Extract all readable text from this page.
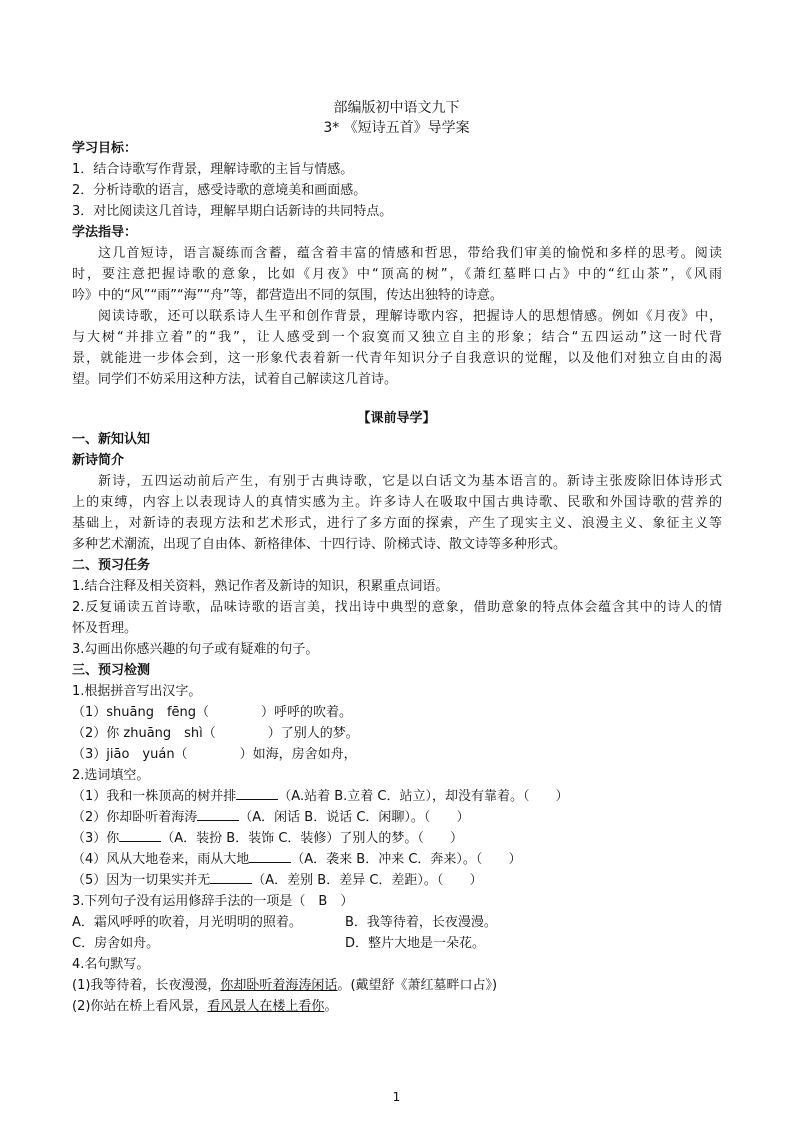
部编版初中语文九下
3* 《短诗五首》导学案
学习目标：
1．结合诗歌写作背景，理解诗歌的主旨与情感。
2．分析诗歌的语言，感受诗歌的意境美和画面感。
3．对比阅读这几首诗，理解早期白话新诗的共同特点。
学法指导：
这几首短诗，语言凝练而含蓄，蕴含着丰富的情感和哲思，带给我们审美的愉悦和多样的思考。阅读
时，要注意把握诗歌的意象，比如《月夜》中“顶高的树”，《萧红墓畔口占》中的“红山茶”，《风雨
吟》中的“风”“雨”“海”“舟”等，都营造出不同的氛围，传达出独特的诗意。
阅读诗歌，还可以联系诗人生平和创作背景，理解诗歌内容，把握诗人的思想情感。例如《月夜》中，
与大树“并排立着”的“我”，让人感受到一个寂寞而又独立自主的形象；结合“五四运动”这一时代背
景，就能进一步体会到，这一形象代表着新一代青年知识分子自我意识的觉醒，以及他们对独立自由的渴
望。同学们不妨采用这种方法，试着自己解读这几首诗。
【课前导学】
一、新知认知
新诗简介
新诗，五四运动前后产生，有别于古典诗歌，它是以白话文为基本语言的。新诗主张废除旧体诗形式
上的束缚，内容上以表现诗人的真情实感为主。许多诗人在吸取中国古典诗歌、民歌和外国诗歌的营养的
基础上，对新诗的表现方法和艺术形式，进行了多方面的探索，产生了现实主义、浪漫主义、象征主义等
多种艺术潮流，出现了自由体、新格律体、十四行诗、阶梯式诗、散文诗等多种形式。
二、预习任务
1.结合注释及相关资料，熟记作者及新诗的知识，积累重点词语。
2.反复诵读五首诗歌，品味诗歌的语言美，找出诗中典型的意象，借助意象的特点体会蕴含其中的诗人的情
怀及哲理。
3.勾画出你感兴趣的句子或有疑难的句子。
三、预习检测
1.根据拼音写出汉字。
（1）shuāng　fēng（	）呼呼的吹着。
（2）你 zhuāng　shì（	）了别人的梦。
（3）jiāo　yuán（	）如海，房舍如舟，
2.选词填空。
（1）我和一株顶高的树并排	（A.站着 B.立着 C．站立），却没有靠着。（ ）
（2）你却卧听着海涛	（A．闲话 B．说话 C．闲聊）。（ ）
（3）你	（A．装扮 B．装饰 C．装修）了别人的梦。（ ）
（4）风从大地卷来，雨从大地	（A．袭来 B．冲来 C．奔来）。（ ）
（5）因为一切果实并无	（A．差别 B．差异 C．差距）。（ ）
3.下列句子没有运用修辞手法的一项是（　B　）
A．霜风呼呼的吹着，月光明明的照着。	B．我等待着，长夜漫漫。
C．房舍如舟。	D．整片大地是一朵花。
4.名句默写。
(1)我等待着，长夜漫漫，你却卧听着海涛闲话。(戴望舒《萧红墓畔口占》)
(2)你站在桥上看风景，看风景人在楼上看你。
1
